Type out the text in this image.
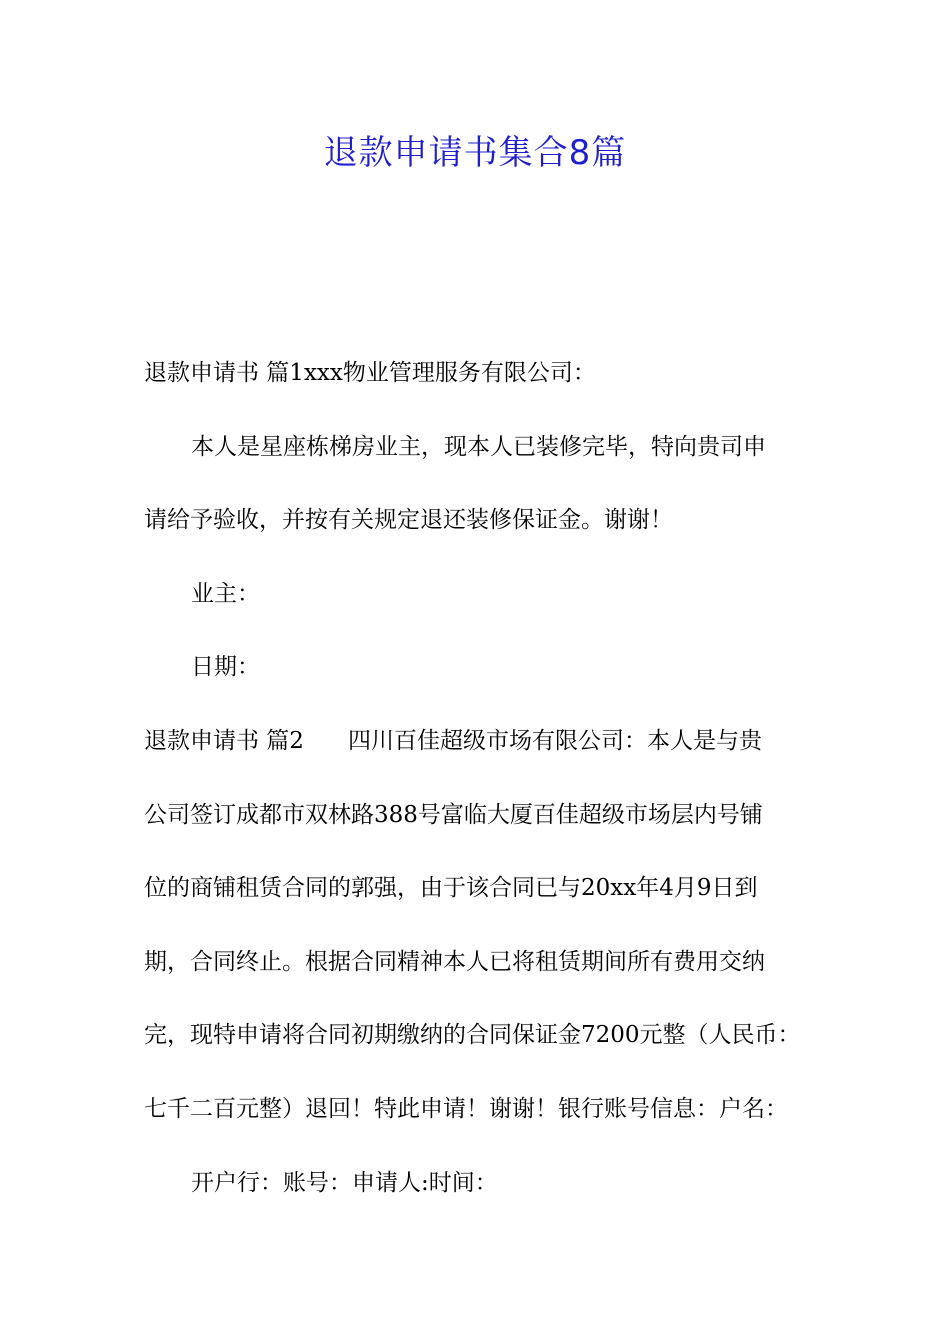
退款申请书集合8篇

退款申请书 篇1xxx物业管理服务有限公司：

本人是星座栋梯房业主，现本人已装修完毕，特向贵司申

请给予验收，并按有关规定退还装修保证金。谢谢！

业主：

日期：

退款申请书 篇2 四川百佳超级市场有限公司：本人是与贵

公司签订成都市双林路388号富临大厦百佳超级市场层内号铺

位的商铺租赁合同的郭强，由于该合同已与20xx年4月9日到

期，合同终止。根据合同精神本人已将租赁期间所有费用交纳

完，现特申请将合同初期缴纳的合同保证金7200元整（人民币：

七千二百元整）退回！特此申请！谢谢！银行账号信息：户名：

开户行：账号：申请人:时间：
